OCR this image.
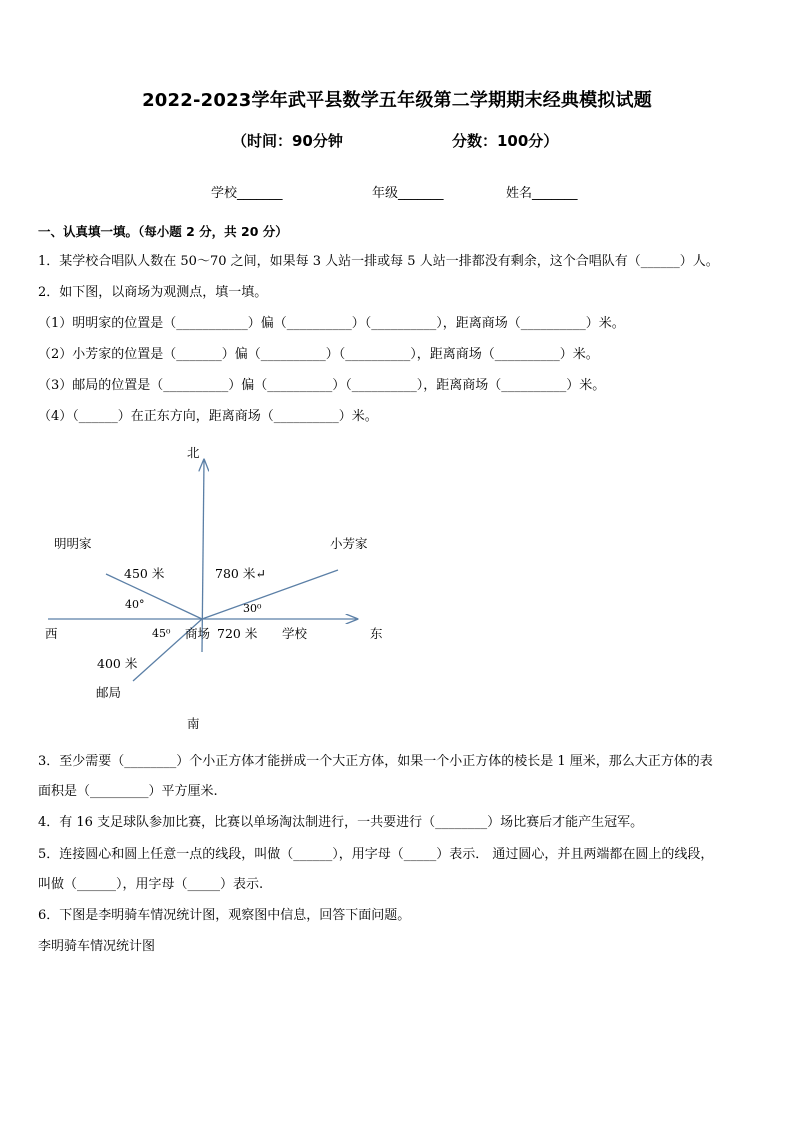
2022-2023学年武平县数学五年级第二学期期末经典模拟试题
（时间：90分钟	分数：100分）
学校_______	年级_______	姓名_______
一、认真填一填。（每小题 2 分，共 20 分）
1．某学校合唱队人数在 50～70 之间，如果每 3 人站一排或每 5 人站一排都没有剩余，这个合唱队有（______）人。
2．如下图，以商场为观测点，填一填。
（1）明明家的位置是（___________）偏（__________）（__________），距离商场（__________）米。
（2）小芳家的位置是（_______）偏（__________）（__________），距离商场（__________）米。
（3）邮局的位置是（__________）偏（__________）（__________），距离商场（__________）米。
（4）（______）在正东方向，距离商场（__________）米。
北
南
东
西
明明家	小芳家
邮局
商场	学校
450 米	780 米↵
720 米
400 米
40°	30⁰
45⁰
3．至少需要（________）个小正方体才能拼成一个大正方体，如果一个小正方体的棱长是 1 厘米，那么大正方体的表
面积是（_________）平方厘米.
4．有 16 支足球队参加比赛，比赛以单场淘汰制进行，一共要进行（________）场比赛后才能产生冠军。
5．连接圆心和圆上任意一点的线段，叫做（______），用字母（_____）表示． 通过圆心，并且两端都在圆上的线段，
叫做（______），用字母（_____）表示.
6．下图是李明骑车情况统计图，观察图中信息，回答下面问题。
李明骑车情况统计图
